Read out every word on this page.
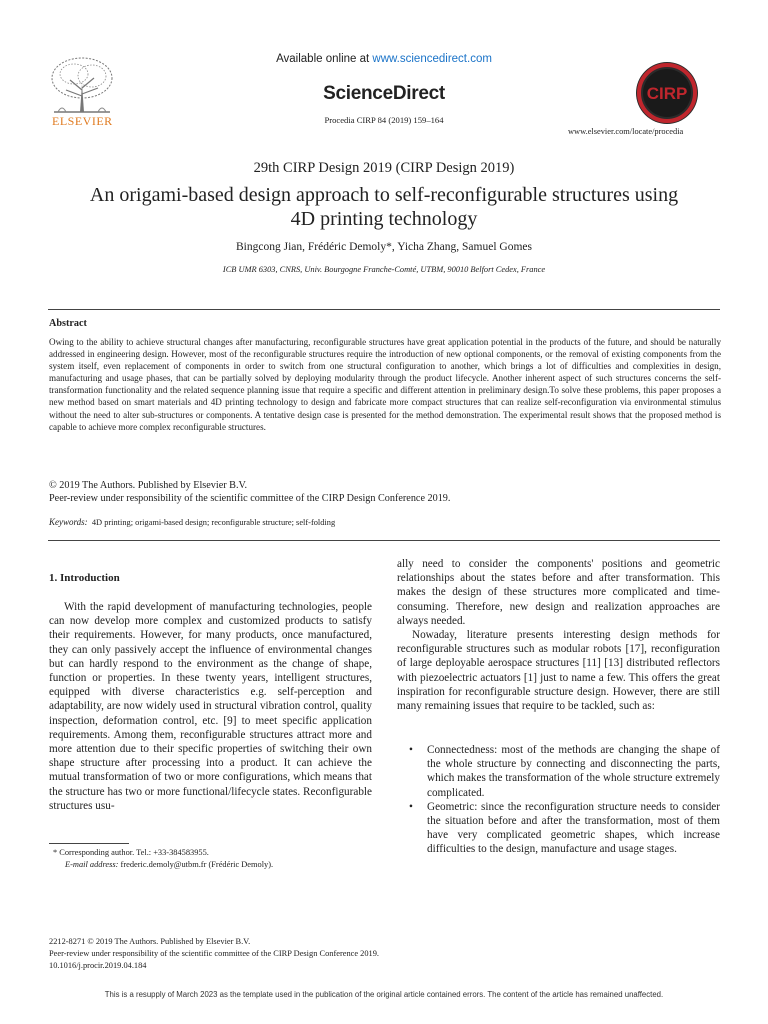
ELSEVIER
Available online at www.sciencedirect.com
ScienceDirect
Procedia CIRP 84 (2019) 159–164
CIRP
www.elsevier.com/locate/procedia
29th CIRP Design 2019 (CIRP Design 2019)
An origami-based design approach to self-reconfigurable structures using
4D printing technology
Bingcong Jian, Frédéric Demoly*, Yicha Zhang, Samuel Gomes
ICB UMR 6303, CNRS, Univ. Bourgogne Franche-Comté, UTBM, 90010 Belfort Cedex, France
Abstract
Owing to the ability to achieve structural changes after manufacturing, reconfigurable structures have great application potential in the products of the future, and should be naturally addressed in engineering design. However, most of the reconfigurable structures require the introduction of new optional components, or the removal of existing components from the system itself, even replacement of components in order to switch from one structural configuration to another, which brings a lot of difficulties and complexities in design, manufacturing and usage phases, that can be partially solved by deploying modularity through the product lifecycle. Another inherent aspect of such structures concerns the self-transformation functionality and the related sequence planning issue that require a specific and different attention in preliminary design.To solve these problems, this paper proposes a new method based on smart materials and 4D printing technology to design and fabricate more compact structures that can realize self-reconfiguration via environmental stimulus without the need to alter sub-structures or components. A tentative design case is presented for the method demonstration. The experimental result shows that the proposed method is capable to achieve more complex reconfigurable structures.
© 2019 The Authors. Published by Elsevier B.V.
Peer-review under responsibility of the scientific committee of the CIRP Design Conference 2019.
Keywords: 4D printing; origami-based design; reconfigurable structure; self-folding
1. Introduction

With the rapid development of manufacturing technologies, people can now develop more complex and customized products to satisfy their requirements. However, for many products, once manufactured, they can only passively accept the influence of environmental changes but can hardly respond to the environment as the change of shape, function or properties. In these twenty years, intelligent structures, equipped with diverse characteristics e.g. self-perception and adaptability, are now widely used in structural vibration control, quality inspection, deformation control, etc. [9] to meet specific application requirements. Among them, reconfigurable structures attract more and more attention due to their specific properties of switching their own shape structure after processing into a product. It can achieve the mutual transformation of two or more configurations, which means that the structure has two or more functional/lifecycle states. Reconfigurable structures usu-

* Corresponding author. Tel.: +33-384583955.
E-mail address: frederic.demoly@utbm.fr (Frédéric Demoly).

ally need to consider the components' positions and geometric relationships about the states before and after transformation. This makes the design of these structures more complicated and time-consuming. Therefore, new design and realization approaches are always needed.

Nowaday, literature presents interesting design methods for reconfigurable structures such as modular robots [17], reconfiguration of large deployable aerospace structures [11] [13] distributed reflectors with piezoelectric actuators [1] just to name a few. This offers the great inspiration for reconfigurable structure design. However, there are still many remaining issues that require to be tackled, such as:

• Connectedness: most of the methods are changing the shape of the whole structure by connecting and disconnecting the parts, which makes the transformation of the whole structure extremely complicated.
• Geometric: since the reconfiguration structure needs to consider the situation before and after the transformation, most of them have very complicated geometric shapes, which increase difficulties to the design, manufacture and usage stages.
2212-8271 © 2019 The Authors. Published by Elsevier B.V.
Peer-review under responsibility of the scientific committee of the CIRP Design Conference 2019.
10.1016/j.procir.2019.04.184
This is a resupply of March 2023 as the template used in the publication of the original article contained errors. The content of the article has remained unaffected.
